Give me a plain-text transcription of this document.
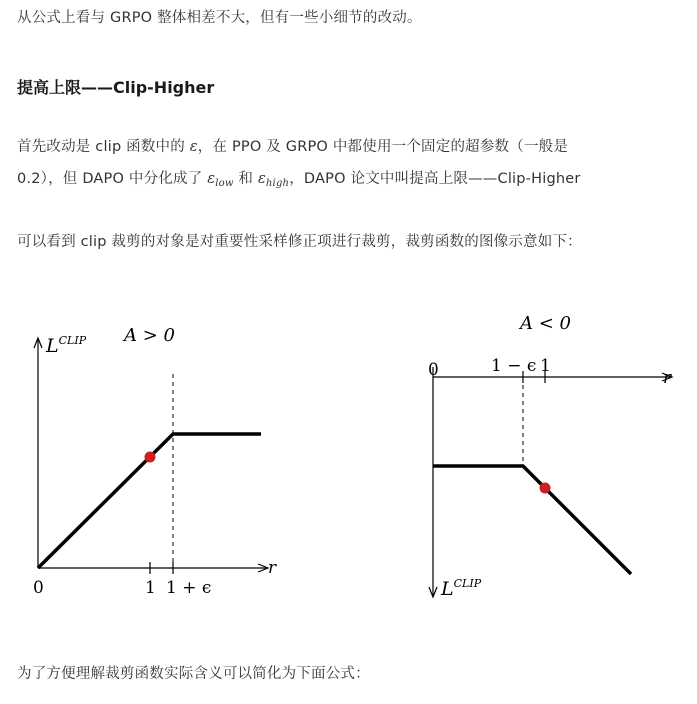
从公式上看与 GRPO 整体相差不大，但有一些小细节的改动。
提高上限——Clip-Higher
首先改动是 clip 函数中的 ε，在 PPO 及 GRPO 中都使用一个固定的超参数（一般是
0.2），但 DAPO 中分化成了 $\varepsilon_{low}$ 和 $\varepsilon_{high}$，DAPO 论文中叫提高上限——Clip-Higher
可以看到 clip 裁剪的对象是对重要性采样修正项进行裁剪，裁剪函数的图像示意如下：
$L^{CLIP}$ A > 0
r
0	1 1 + ϵ
A < 0
0	1 − ϵ 1
r
$L^{CLIP}$
为了方便理解裁剪函数实际含义可以简化为下面公式：
